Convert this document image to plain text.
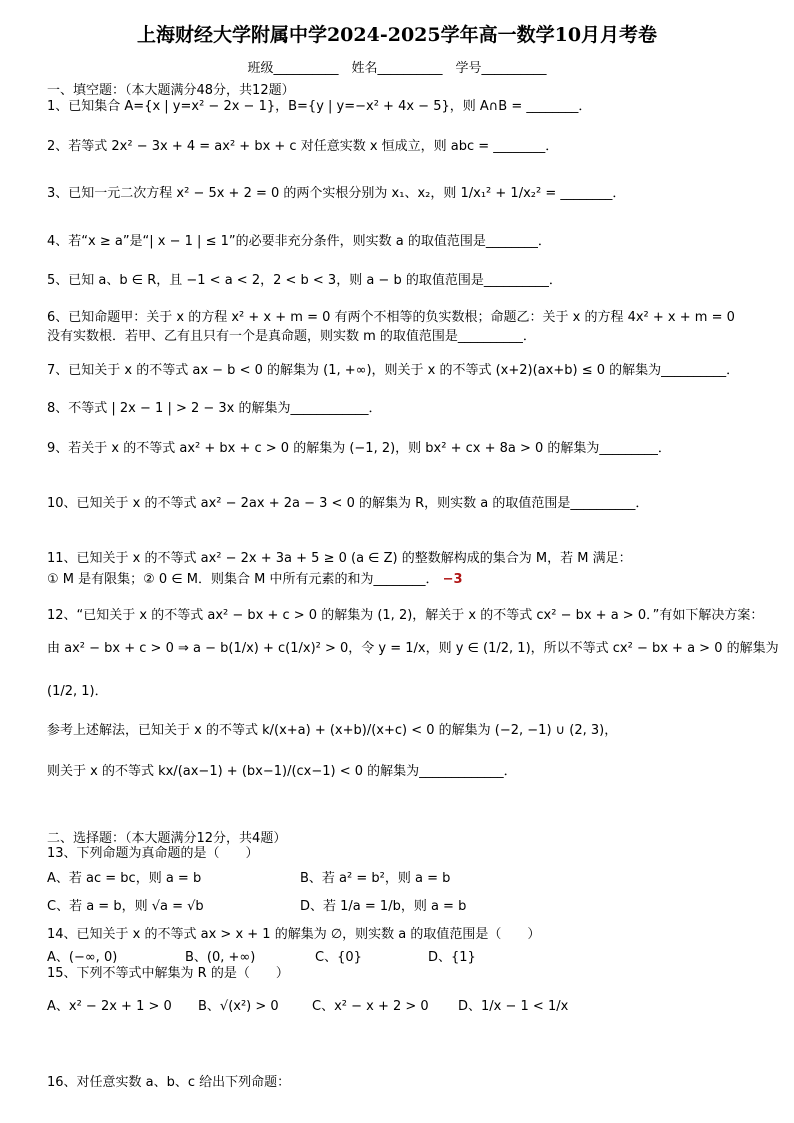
上海财经大学附属中学2024-2025学年高一数学10月月考卷
班级__________　姓名__________　学号__________
一、填空题：（本大题满分48分，共12题）
1、已知集合 A={x | y=x² − 2x − 1}，B={y | y=−x² + 4x − 5}，则 A∩B = ________．
2、若等式 2x² − 3x + 4 = ax² + bx + c 对任意实数 x 恒成立，则 abc = ________．
3、已知一元二次方程 x² − 5x + 2 = 0 的两个实根分别为 x₁、x₂，则 1/x₁² + 1/x₂² = ________．
4、若“x ≥ a”是“| x − 1 | ≤ 1”的必要非充分条件，则实数 a 的取值范围是________．
5、已知 a、b ∈ R，且 −1 < a < 2，2 < b < 3，则 a − b 的取值范围是__________．
6、已知命题甲：关于 x 的方程 x² + x + m = 0 有两个不相等的负实数根；命题乙：关于 x 的方程 4x² + x + m = 0
没有实数根．若甲、乙有且只有一个是真命题，则实数 m 的取值范围是__________．
7、已知关于 x 的不等式 ax − b < 0 的解集为 (1, +∞)，则关于 x 的不等式 (x+2)(ax+b) ≤ 0 的解集为__________．
8、不等式 | 2x − 1 | > 2 − 3x 的解集为____________．
9、若关于 x 的不等式 ax² + bx + c > 0 的解集为 (−1, 2)，则 bx² + cx + 8a > 0 的解集为_________．
10、已知关于 x 的不等式 ax² − 2ax + 2a − 3 < 0 的解集为 R，则实数 a 的取值范围是__________．
11、已知关于 x 的不等式 ax² − 2x + 3a + 5 ≥ 0 (a ∈ Z) 的整数解构成的集合为 M，若 M 满足：
① M 是有限集；② 0 ∈ M．则集合 M 中所有元素的和为________． −3
12、“已知关于 x 的不等式 ax² − bx + c > 0 的解集为 (1, 2)，解关于 x 的不等式 cx² − bx + a > 0．”有如下解决方案：
由 ax² − bx + c > 0 ⇒ a − b(1/x) + c(1/x)² > 0，令 y = 1/x，则 y ∈ (1/2, 1)，所以不等式 cx² − bx + a > 0 的解集为
(1/2, 1)．
参考上述解法，已知关于 x 的不等式 k/(x+a) + (x+b)/(x+c) < 0 的解集为 (−2, −1) ∪ (2, 3)，
则关于 x 的不等式 kx/(ax−1) + (bx−1)/(cx−1) < 0 的解集为_____________．
二、选择题：（本大题满分12分，共4题）
13、下列命题为真命题的是（　　）
A、若 ac = bc，则 a = b	B、若 a² = b²，则 a = b
C、若 a = b，则 √a = √b	D、若 1/a = 1/b，则 a = b
14、已知关于 x 的不等式 ax > x + 1 的解集为 ∅，则实数 a 的取值范围是（　　）
A、(−∞, 0)	B、(0, +∞)	C、{0}	D、{1}
15、下列不等式中解集为 R 的是（　　）
A、x² − 2x + 1 > 0 B、√(x²) > 0	C、x² − x + 2 > 0 D、1/x − 1 < 1/x
16、对任意实数 a、b、c 给出下列命题：
